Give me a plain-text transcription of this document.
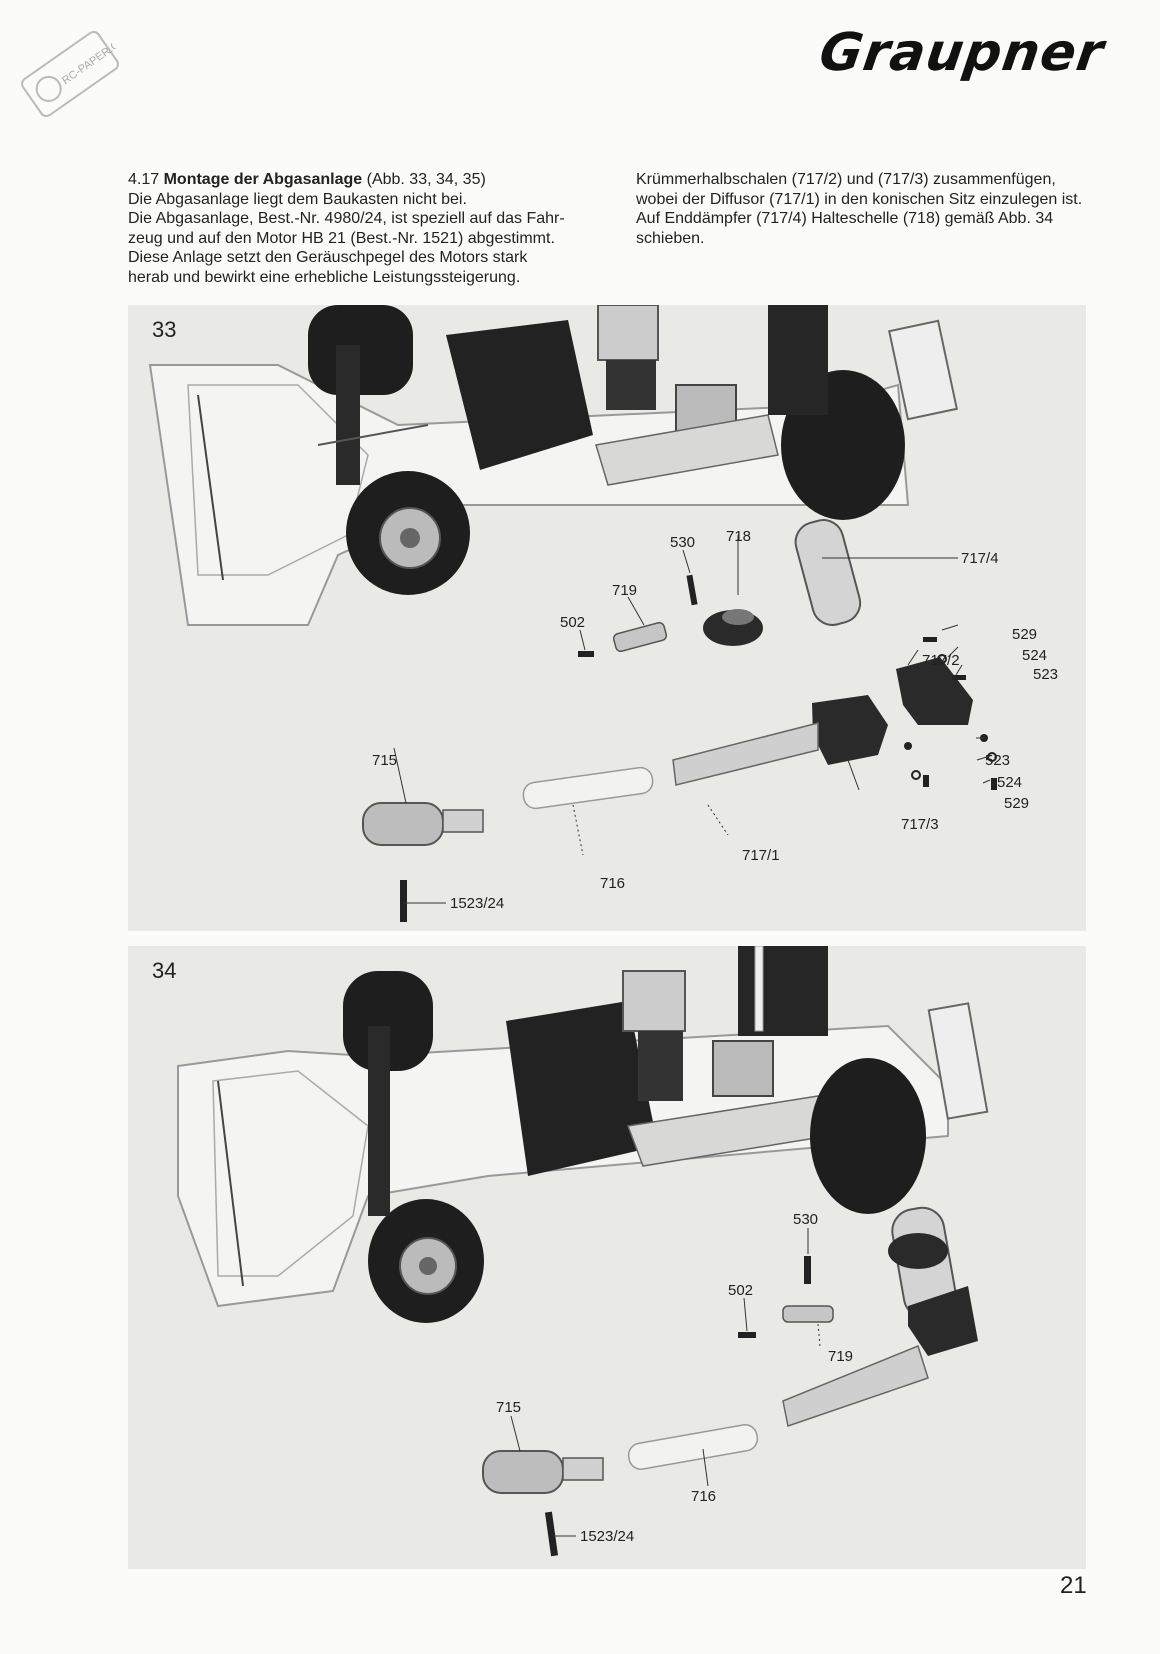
Graupner
RC-PAPER.COM

4.17 Montage der Abgasanlage (Abb. 33, 34, 35)

Die Abgasanlage liegt dem Baukasten nicht bei.

Die Abgasanlage, Best.-Nr. 4980/24, ist speziell auf das Fahr-

zeug und auf den Motor HB 21 (Best.-Nr. 1521) abgestimmt.

Diese Anlage setzt den Geräuschpegel des Motors stark

herab und bewirkt eine erhebliche Leistungssteigerung.

Krümmerhalbschalen (717/2) und (717/3) zusammenfügen,

wobei der Diffusor (717/1) in den konischen Sitz einzulegen ist.

Auf Enddämpfer (717/4) Halteschelle (718) gemäß Abb. 34

schieben.

530 718
717/4
719
502
529
717/2	524
523
715	523
524
529
717/3
717/1
716
1523/24
33
530
502
719
715
716
1523/24
34
21
